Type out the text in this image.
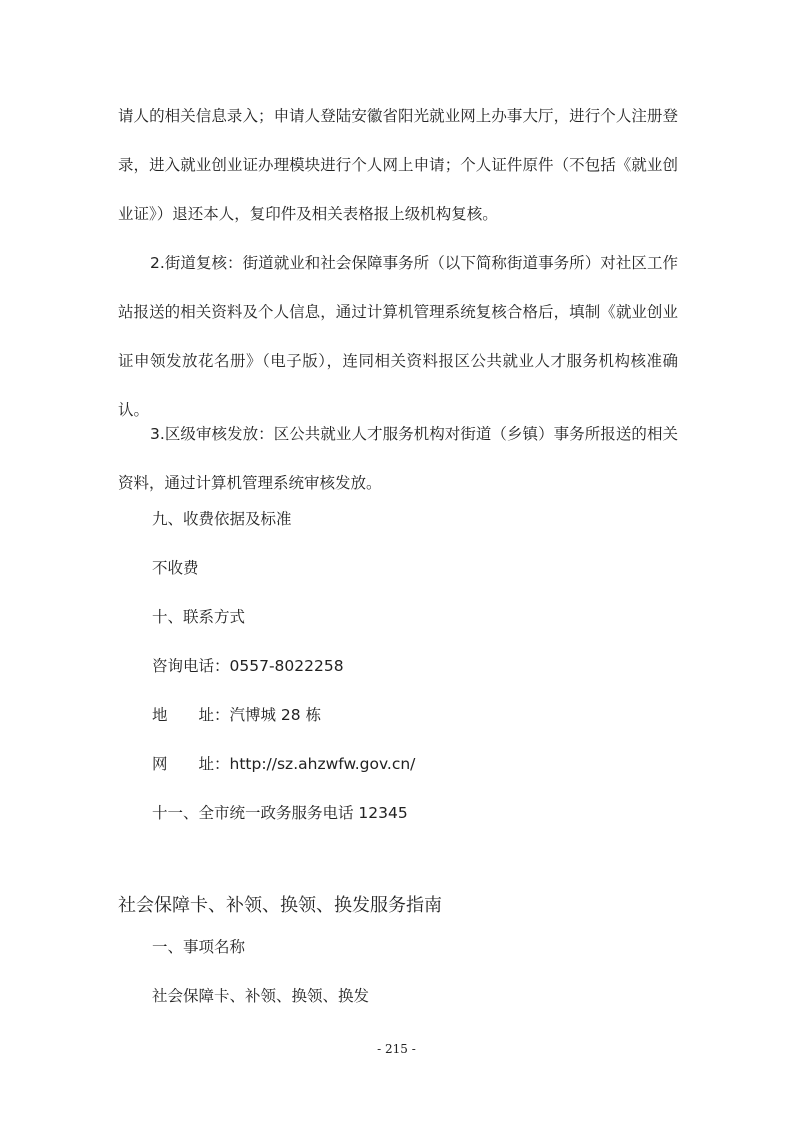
请人的相关信息录入；申请人登陆安徽省阳光就业网上办事大厅，进行个人注册登录，进入就业创业证办理模块进行个人网上申请；个人证件原件（不包括《就业创业证》）退还本人，复印件及相关表格报上级机构复核。

2.街道复核：街道就业和社会保障事务所（以下简称街道事务所）对社区工作站报送的相关资料及个人信息，通过计算机管理系统复核合格后，填制《就业创业证申领发放花名册》（电子版），连同相关资料报区公共就业人才服务机构核准确认。

3.区级审核发放：区公共就业人才服务机构对街道（乡镇）事务所报送的相关资料，通过计算机管理系统审核发放。

九、收费依据及标准

不收费

十、联系方式

咨询电话：0557-8022258

地　　址：汽博城 28 栋

网　　址：http://sz.ahzwfw.gov.cn/

十一、全市统一政务服务电话 12345

社会保障卡、补领、换领、换发服务指南

一、事项名称

社会保障卡、补领、换领、换发

- 215 -
